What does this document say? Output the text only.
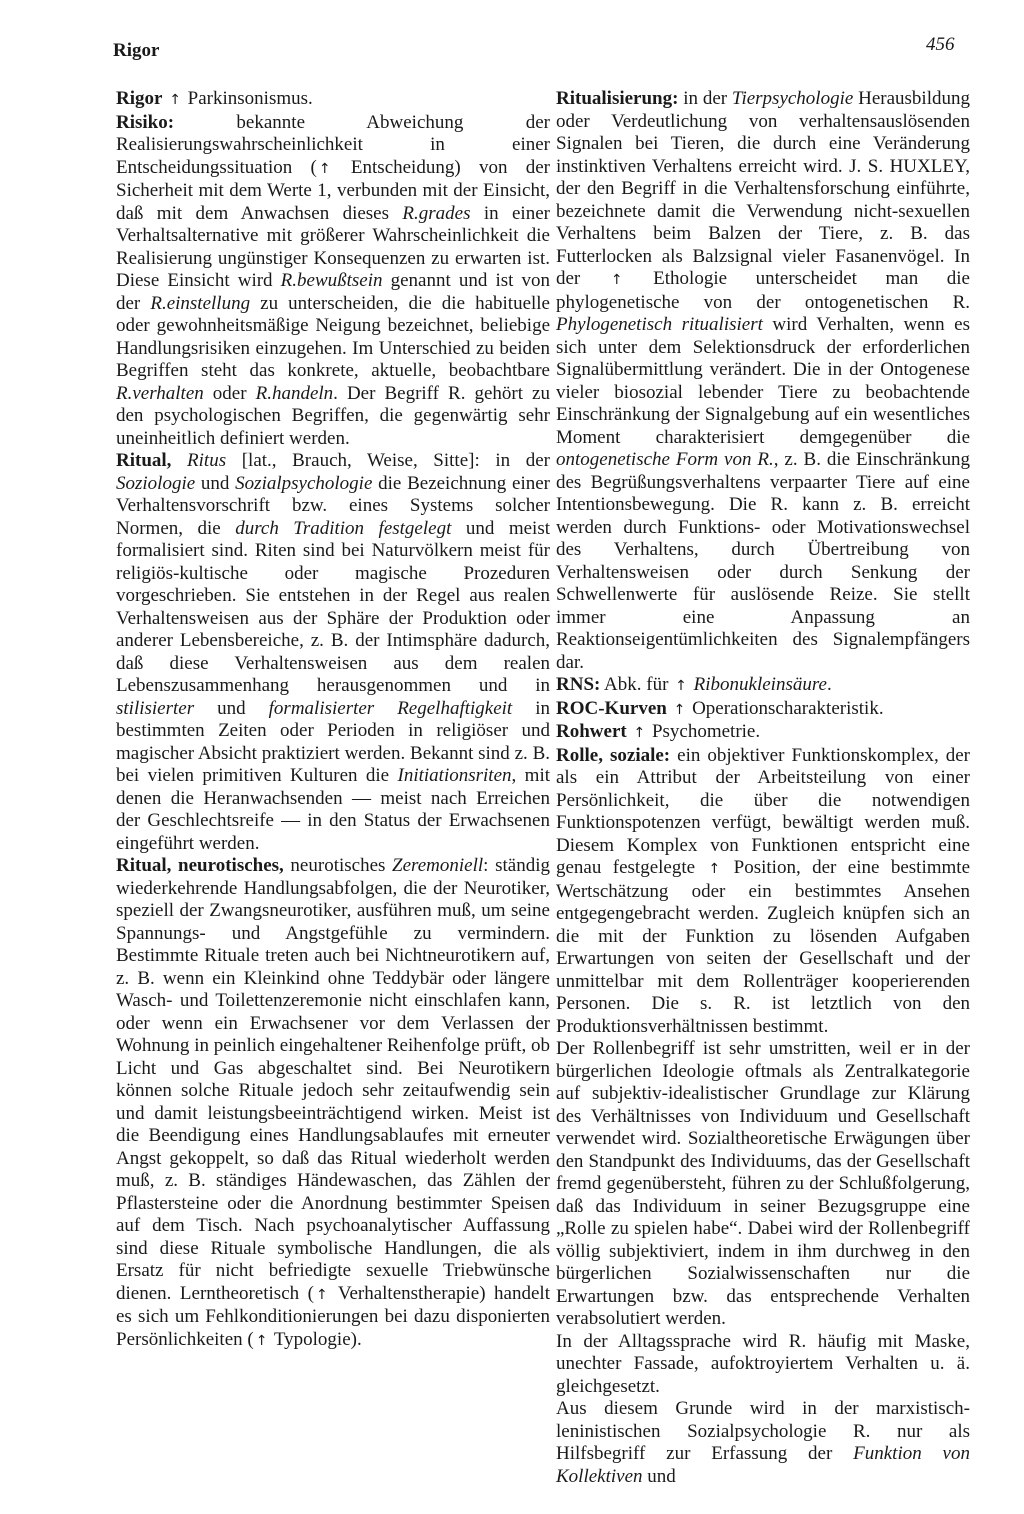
Rigor	456

Rigor ↑ Parkinsonismus.

Risiko: bekannte Abweichung der Realisierungswahrscheinlichkeit in einer Entscheidungssituation ( ↑ Entscheidung) von der Sicherheit mit dem Werte 1, verbunden mit der Einsicht, daß mit dem Anwachsen dieses R.grades in einer Verhaltsalternative mit größerer Wahrscheinlichkeit die Realisierung ungünstiger Konsequenzen zu erwarten ist. Diese Einsicht wird R.bewußtsein genannt und ist von der R.einstellung zu unterscheiden, die die habituelle oder gewohnheitsmäßige Neigung bezeichnet, beliebige Handlungsrisiken einzugehen. Im Unterschied zu beiden Begriffen steht das konkrete, aktuelle, beobachtbare R.verhalten oder R.handeln. Der Begriff R. gehört zu den psychologischen Begriffen, die gegenwärtig sehr uneinheitlich definiert werden.

Ritual, Ritus [lat., Brauch, Weise, Sitte]: in der Soziologie und Sozialpsychologie die Bezeichnung einer Verhaltensvorschrift bzw. eines Systems solcher Normen, die durch Tradition festgelegt und meist formalisiert sind. Riten sind bei Naturvölkern meist für religiös-kultische oder magische Prozeduren vorgeschrieben. Sie entstehen in der Regel aus realen Verhaltensweisen aus der Sphäre der Produktion oder anderer Lebensbereiche, z. B. der Intimsphäre dadurch, daß diese Verhaltensweisen aus dem realen Lebenszusammenhang herausgenommen und in stilisierter und formalisierter Regelhaftigkeit in bestimmten Zeiten oder Perioden in religiöser und magischer Absicht praktiziert werden. Bekannt sind z. B. bei vielen primitiven Kulturen die Initiationsriten, mit denen die Heranwachsenden — meist nach Erreichen der Geschlechtsreife — in den Status der Erwachsenen eingeführt werden.

Ritual, neurotisches, neurotisches Zeremoniell: ständig wiederkehrende Handlungsabfolgen, die der Neurotiker, speziell der Zwangsneurotiker, ausführen muß, um seine Spannungs- und Angstgefühle zu vermindern. Bestimmte Rituale treten auch bei Nichtneurotikern auf, z. B. wenn ein Kleinkind ohne Teddybär oder längere Wasch- und Toilettenzeremonie nicht einschlafen kann, oder wenn ein Erwachsener vor dem Verlassen der Wohnung in peinlich eingehaltener Reihenfolge prüft, ob Licht und Gas abgeschaltet sind. Bei Neurotikern können solche Rituale jedoch sehr zeitaufwendig sein und damit leistungsbeeinträchtigend wirken. Meist ist die Beendigung eines Handlungsablaufes mit erneuter Angst gekoppelt, so daß das Ritual wiederholt werden muß, z. B. ständiges Händewaschen, das Zählen der Pflastersteine oder die Anordnung bestimmter Speisen auf dem Tisch. Nach psychoanalytischer Auffassung sind diese Rituale symbolische Handlungen, die als Ersatz für nicht befriedigte sexuelle Triebwünsche dienen. Lerntheoretisch ( ↑ Verhaltenstherapie) handelt es sich um Fehlkonditionierungen bei dazu disponierten Persönlichkeiten ( ↑ Typologie).

Ritualisierung: in der Tierpsychologie Herausbildung oder Verdeutlichung von verhaltensauslösenden Signalen bei Tieren, die durch eine Veränderung instinktiven Verhaltens erreicht wird. J. S. HUXLEY, der den Begriff in die Verhaltensforschung einführte, bezeichnete damit die Verwendung nicht-sexuellen Verhaltens beim Balzen der Tiere, z. B. das Futterlocken als Balzsignal vieler Fasanenvögel. In der ↑ Ethologie unterscheidet man die phylogenetische von der ontogenetischen R. Phylogenetisch ritualisiert wird Verhalten, wenn es sich unter dem Selektionsdruck der erforderlichen Signalübermittlung verändert. Die in der Ontogenese vieler biosozial lebender Tiere zu beobachtende Einschränkung der Signalgebung auf ein wesentliches Moment charakterisiert demgegenüber die ontogenetische Form von R., z. B. die Einschränkung des Begrüßungsverhaltens verpaarter Tiere auf eine Intentionsbewegung. Die R. kann z. B. erreicht werden durch Funktions- oder Motivationswechsel des Verhaltens, durch Übertreibung von Verhaltensweisen oder durch Senkung der Schwellenwerte für auslösende Reize. Sie stellt immer eine Anpassung an Reaktionseigentümlichkeiten des Signalempfängers dar.

RNS: Abk. für ↑ Ribonukleinsäure.

ROC-Kurven ↑ Operationscharakteristik.

Rohwert ↑ Psychometrie.

Rolle, soziale: ein objektiver Funktionskomplex, der als ein Attribut der Arbeitsteilung von einer Persönlichkeit, die über die notwendigen Funktionspotenzen verfügt, bewältigt werden muß. Diesem Komplex von Funktionen entspricht eine genau festgelegte ↑ Position, der eine bestimmte Wertschätzung oder ein bestimmtes Ansehen entgegengebracht werden. Zugleich knüpfen sich an die mit der Funktion zu lösenden Aufgaben Erwartungen von seiten der Gesellschaft und der unmittelbar mit dem Rollenträger kooperierenden Personen. Die s. R. ist letztlich von den Produktionsverhältnissen bestimmt.

Der Rollenbegriff ist sehr umstritten, weil er in der bürgerlichen Ideologie oftmals als Zentralkategorie auf subjektiv-idealistischer Grundlage zur Klärung des Verhältnisses von Individuum und Gesellschaft verwendet wird. Sozialtheoretische Erwägungen über den Standpunkt des Individuums, das der Gesellschaft fremd gegenübersteht, führen zu der Schlußfolgerung, daß das Individuum in seiner Bezugsgruppe eine „Rolle zu spielen habe“. Dabei wird der Rollenbegriff völlig subjektiviert, indem in ihm durchweg in den bürgerlichen Sozialwissenschaften nur die Erwartungen bzw. das entsprechende Verhalten verabsolutiert werden.

In der Alltagssprache wird R. häufig mit Maske, unechter Fassade, aufoktroyiertem Verhalten u. ä. gleichgesetzt.

Aus diesem Grunde wird in der marxistisch-leninistischen Sozialpsychologie R. nur als Hilfsbegriff zur Erfassung der Funktion von Kollektiven und
